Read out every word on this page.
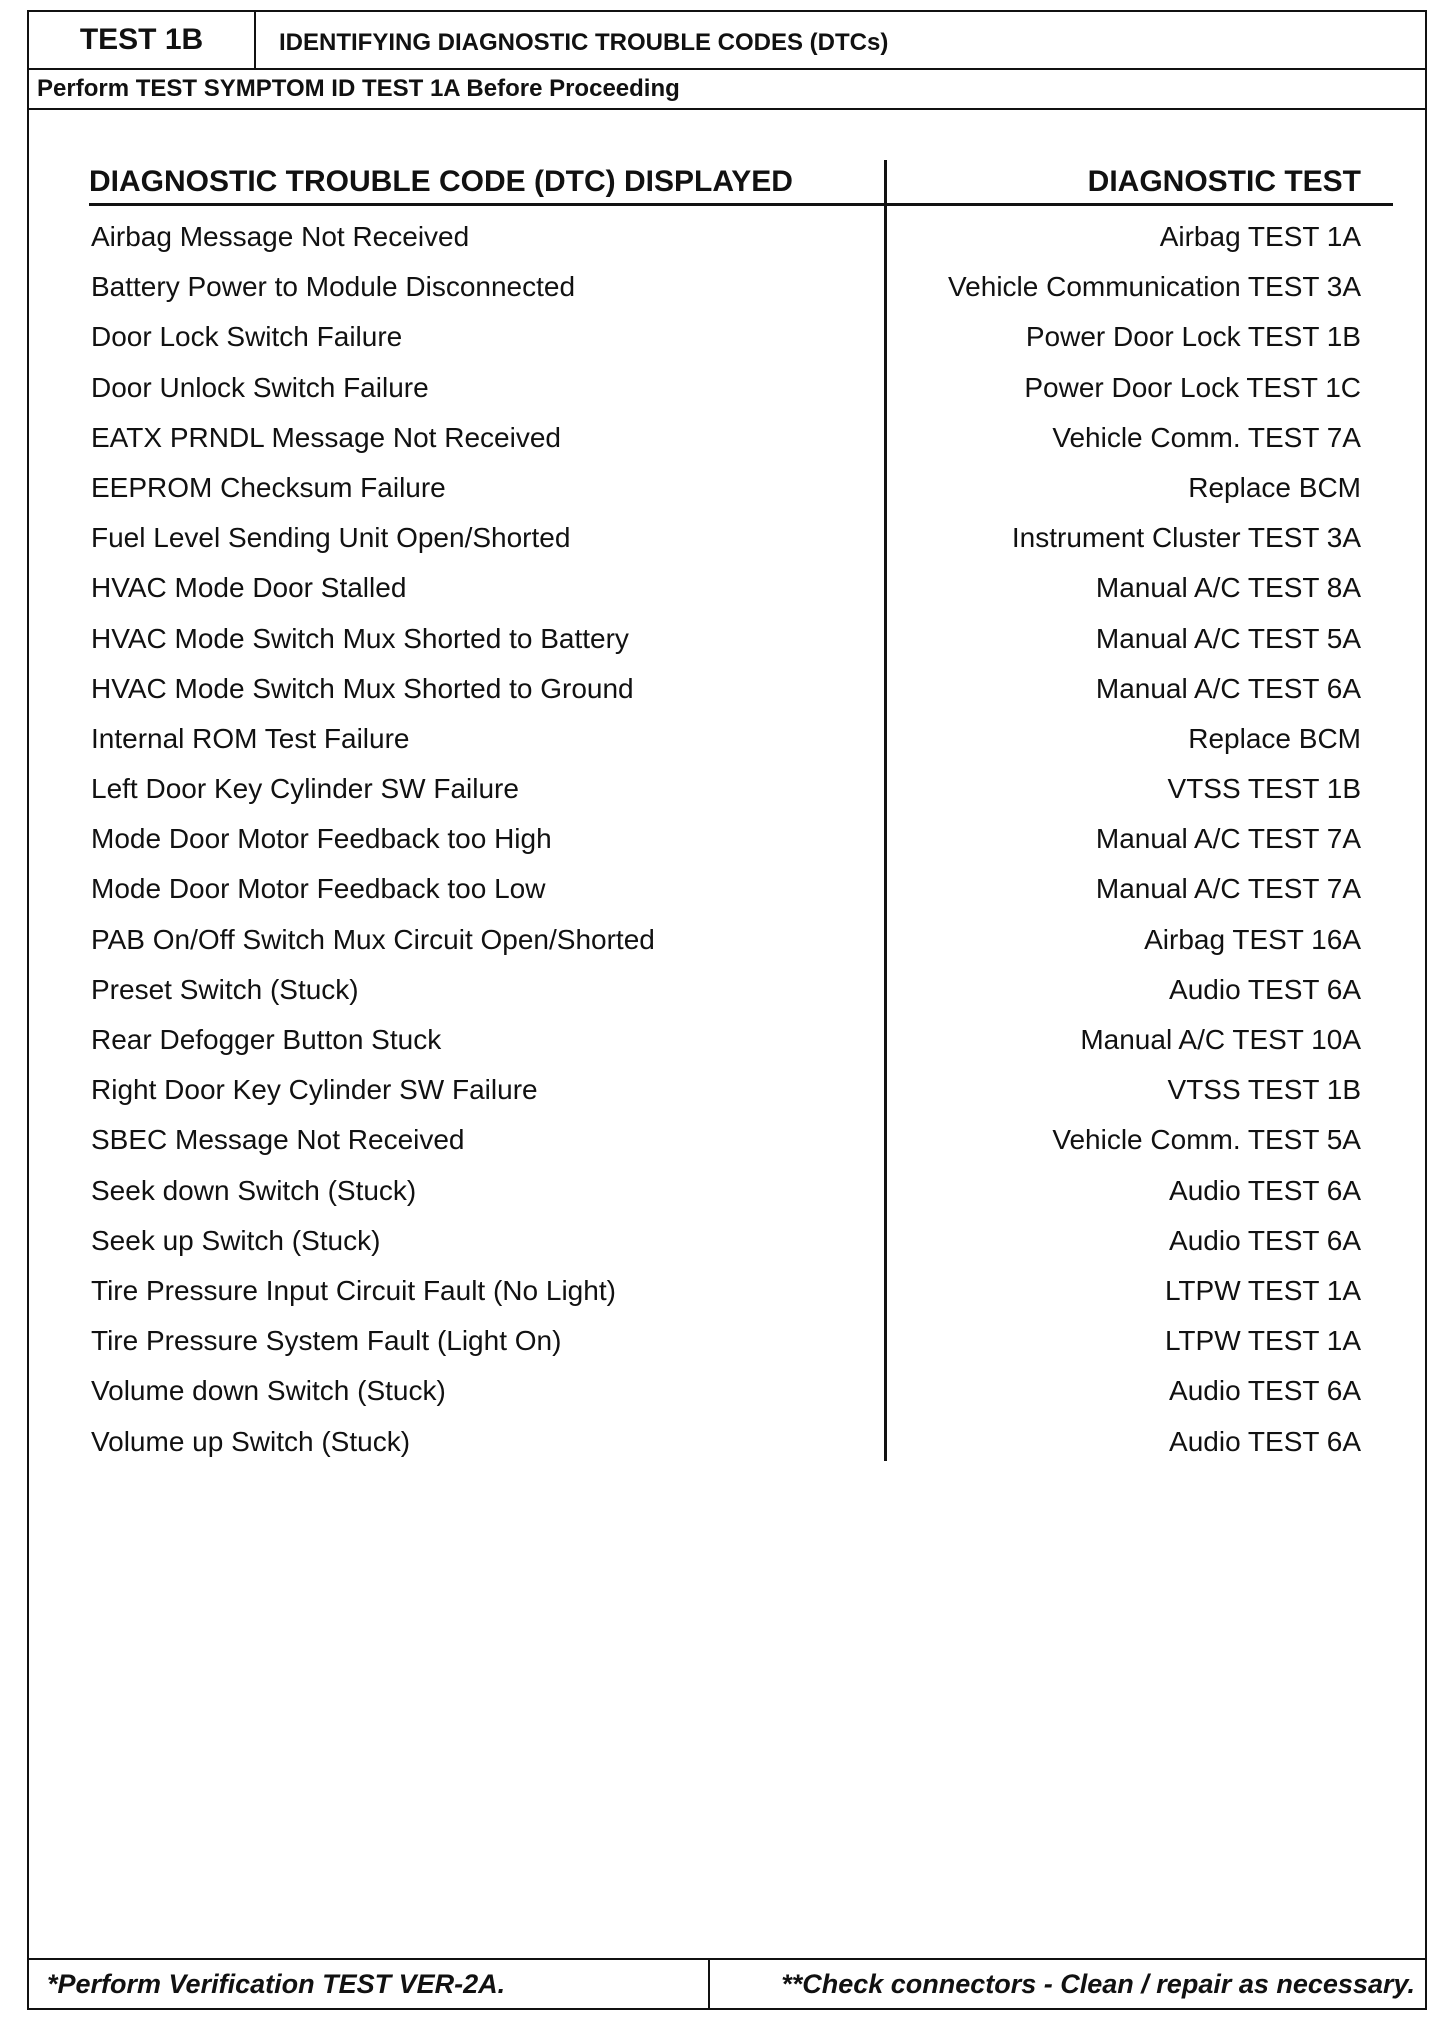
TEST 1B	IDENTIFYING DIAGNOSTIC TROUBLE CODES (DTCs)
Perform TEST SYMPTOM ID TEST 1A Before Proceeding
DIAGNOSTIC TROUBLE CODE (DTC) DISPLAYED	DIAGNOSTIC TEST
Airbag Message Not Received	Airbag TEST 1A
Battery Power to Module Disconnected	Vehicle Communication TEST 3A
Door Lock Switch Failure	Power Door Lock TEST 1B
Door Unlock Switch Failure	Power Door Lock TEST 1C
EATX PRNDL Message Not Received	Vehicle Comm. TEST 7A
EEPROM Checksum Failure	Replace BCM
Fuel Level Sending Unit Open/Shorted	Instrument Cluster TEST 3A
HVAC Mode Door Stalled	Manual A/C TEST 8A
HVAC Mode Switch Mux Shorted to Battery	Manual A/C TEST 5A
HVAC Mode Switch Mux Shorted to Ground	Manual A/C TEST 6A
Internal ROM Test Failure	Replace BCM
Left Door Key Cylinder SW Failure	VTSS TEST 1B
Mode Door Motor Feedback too High	Manual A/C TEST 7A
Mode Door Motor Feedback too Low	Manual A/C TEST 7A
PAB On/Off Switch Mux Circuit Open/Shorted	Airbag TEST 16A
Preset Switch (Stuck)	Audio TEST 6A
Rear Defogger Button Stuck	Manual A/C TEST 10A
Right Door Key Cylinder SW Failure	VTSS TEST 1B
SBEC Message Not Received	Vehicle Comm. TEST 5A
Seek down Switch (Stuck)	Audio TEST 6A
Seek up Switch (Stuck)	Audio TEST 6A
Tire Pressure Input Circuit Fault (No Light)	LTPW TEST 1A
Tire Pressure System Fault (Light On)	LTPW TEST 1A
Volume down Switch (Stuck)	Audio TEST 6A
Volume up Switch (Stuck)	Audio TEST 6A
*Perform Verification TEST VER-2A.	**Check connectors - Clean / repair as necessary.
